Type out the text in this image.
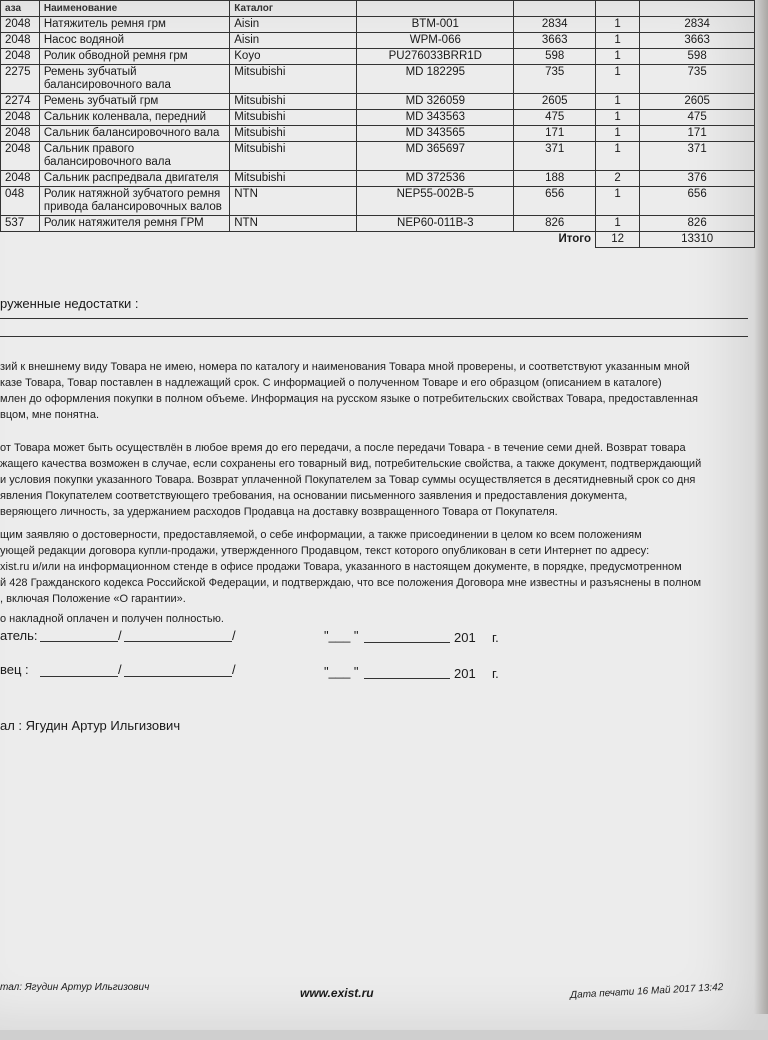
аза	Наименование	Каталог				
2048	Натяжитель ремня грм	Aisin	BTM-001	2834	1	2834
2048	Насос водяной	Aisin	WPM-066	3663	1	3663
2048	Ролик обводной ремня грм	Koyo	PU276033BRR1D	598	1	598
2275	Ремень зубчатый балансировочного вала	Mitsubishi	MD 182295	735	1	735
2274	Ремень зубчатый грм	Mitsubishi	MD 326059	2605	1	2605
2048	Сальник коленвала, передний	Mitsubishi	MD 343563	475	1	475
2048	Сальник балансировочного вала	Mitsubishi	MD 343565	171	1	171
2048	Сальник правого балансировочного вала	Mitsubishi	MD 365697	371	1	371
2048	Сальник распредвала двигателя	Mitsubishi	MD 372536	188	2	376
048	Ролик натяжной зубчатого ремня привода балансировочных валов	NTN	NEP55-002B-5	656	1	656
537	Ролик натяжителя ремня ГРМ	NTN	NEP60-011B-3	826	1	826
			Итого		12	13310
руженные недостатки :
зий к внешнему виду Товара не имею, номера по каталогу и наименования Товара мной проверены, и соответствуют указанным мной
казе Товара, Товар поставлен в надлежащий срок. С информацией о полученном Товаре и его образцом (описанием в каталоге)
млен до оформления покупки в полном объеме. Информация на русском языке о потребительских свойствах Товара, предоставленная
вцом, мне понятна.
от Товара может быть осуществлён в любое время до его передачи, а после передачи Товара - в течение семи дней. Возврат товара
жащего качества возможен в случае, если сохранены его товарный вид, потребительские свойства, а также документ, подтверждающий
и условия покупки указанного Товара. Возврат уплаченной Покупателем за Товар суммы осуществляется в десятидневный срок со дня
явления Покупателем соответствующего требования, на основании письменного заявления и предоставления документа,
веряющего личность, за удержанием расходов Продавца на доставку возвращенного Товара от Покупателя.
щим заявляю о достоверности, предоставляемой, о себе информации, а также присоединении в целом ко всем положениям
ующей редакции договора купли-продажи, утвержденного Продавцом, текст которого опубликован в сети Интернет по адресу:
xist.ru и/или на информационном стенде в офисе продажи Товара, указанного в настоящем документе, в порядке, предусмотренном
й 428 Гражданского кодекса Российской Федерации, и подтверждаю, что все положения Договора мне известны и разъяснены в полном
, включая Положение «О гарантии».
о накладной оплачен и получен полностью.
атель:	/	/	"___ "	201 г.
вец :	/	/	"___ "	201 г.
ал : Ягудин Артур Ильгизович
тал: Ягудин Артур Ильгизович	www.exist.ru	Дата печати 16 Май 2017 13:42
